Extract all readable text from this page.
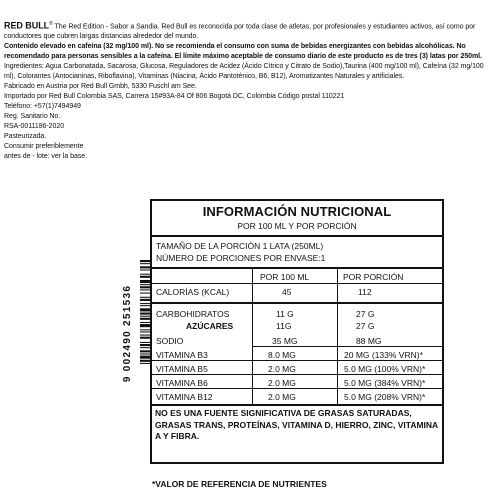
RED BULL® The Red Edition - Sabor a Sandia. Red Bull es reconocida por toda clase de atletas, por profesionales y estudiantes activos, así como por conductores que cubren largas distancias alrededor del mundo.

Contenido elevado en cafeína (32 mg/100 ml). No se recomienda el consumo con suma de bebidas energizantes con bebidas alcohólicas. No recomendado para personas sensibles a la cafeína. El límite máximo aceptable de consumo diario de este producto es de tres (3) latas por 250ml.

Ingredientes: Agua Carbonatada, Sacarosa, Glucosa, Reguladores de Acidez (Ácido Cítrico y Citrato de Sodio),Taurina (400 mg/100 ml), Cafeína (32 mg/100 ml), Colorantes (Antocianinas, Riboflavina), Vitaminas (Niacina, Ácido Pantoténico, B6, B12), Aromatizantes Naturales y artificiales.

Fabricado en Austria por Red Bull Gmbh, 5330 Fuschl am See.

Importado por Red Bull Colombia SAS, Carrera 15#93A-84 Of 806 Bogotá DC, Colombia Código postal 110221

Teléfono: +57(1)7494949

Reg. Sanitario No.

RSA-0011186-2020

Pasteurizada.

Consumir preferiblemente

antes de - lote: ver la base.

9 002490 251536
INFORMACIÓN NUTRICIONAL
POR 100 ML Y POR PORCIÓN
TAMAÑO DE LA PORCIÓN 1 LATA (250ML)
NÚMERO DE PORCIONES POR ENVASE:1
POR 100 ML	POR PORCIÓN
CALORÍAS (KCAL)	45	112
CARBOHIDRATOS	11 G	27 G
AZÚCARES	11G	27 G
SODIO	35 MG	88 MG
VITAMINA B3	8.0 MG	20 MG (133% VRN)*
VITAMINA B5	2.0 MG	5.0 MG (100% VRN)*
VITAMINA B6	2.0 MG	5.0 MG (384% VRN)*
VITAMINA B12	2.0 MG	5.0 MG (208% VRN)*
NO ES UNA FUENTE SIGNIFICATIVA DE GRASAS SATURADAS, GRASAS TRANS, PROTEÍNAS, VITAMINA D, HIERRO, ZINC, VITAMINA A Y FIBRA.
*VALOR DE REFERENCIA DE NUTRIENTES
